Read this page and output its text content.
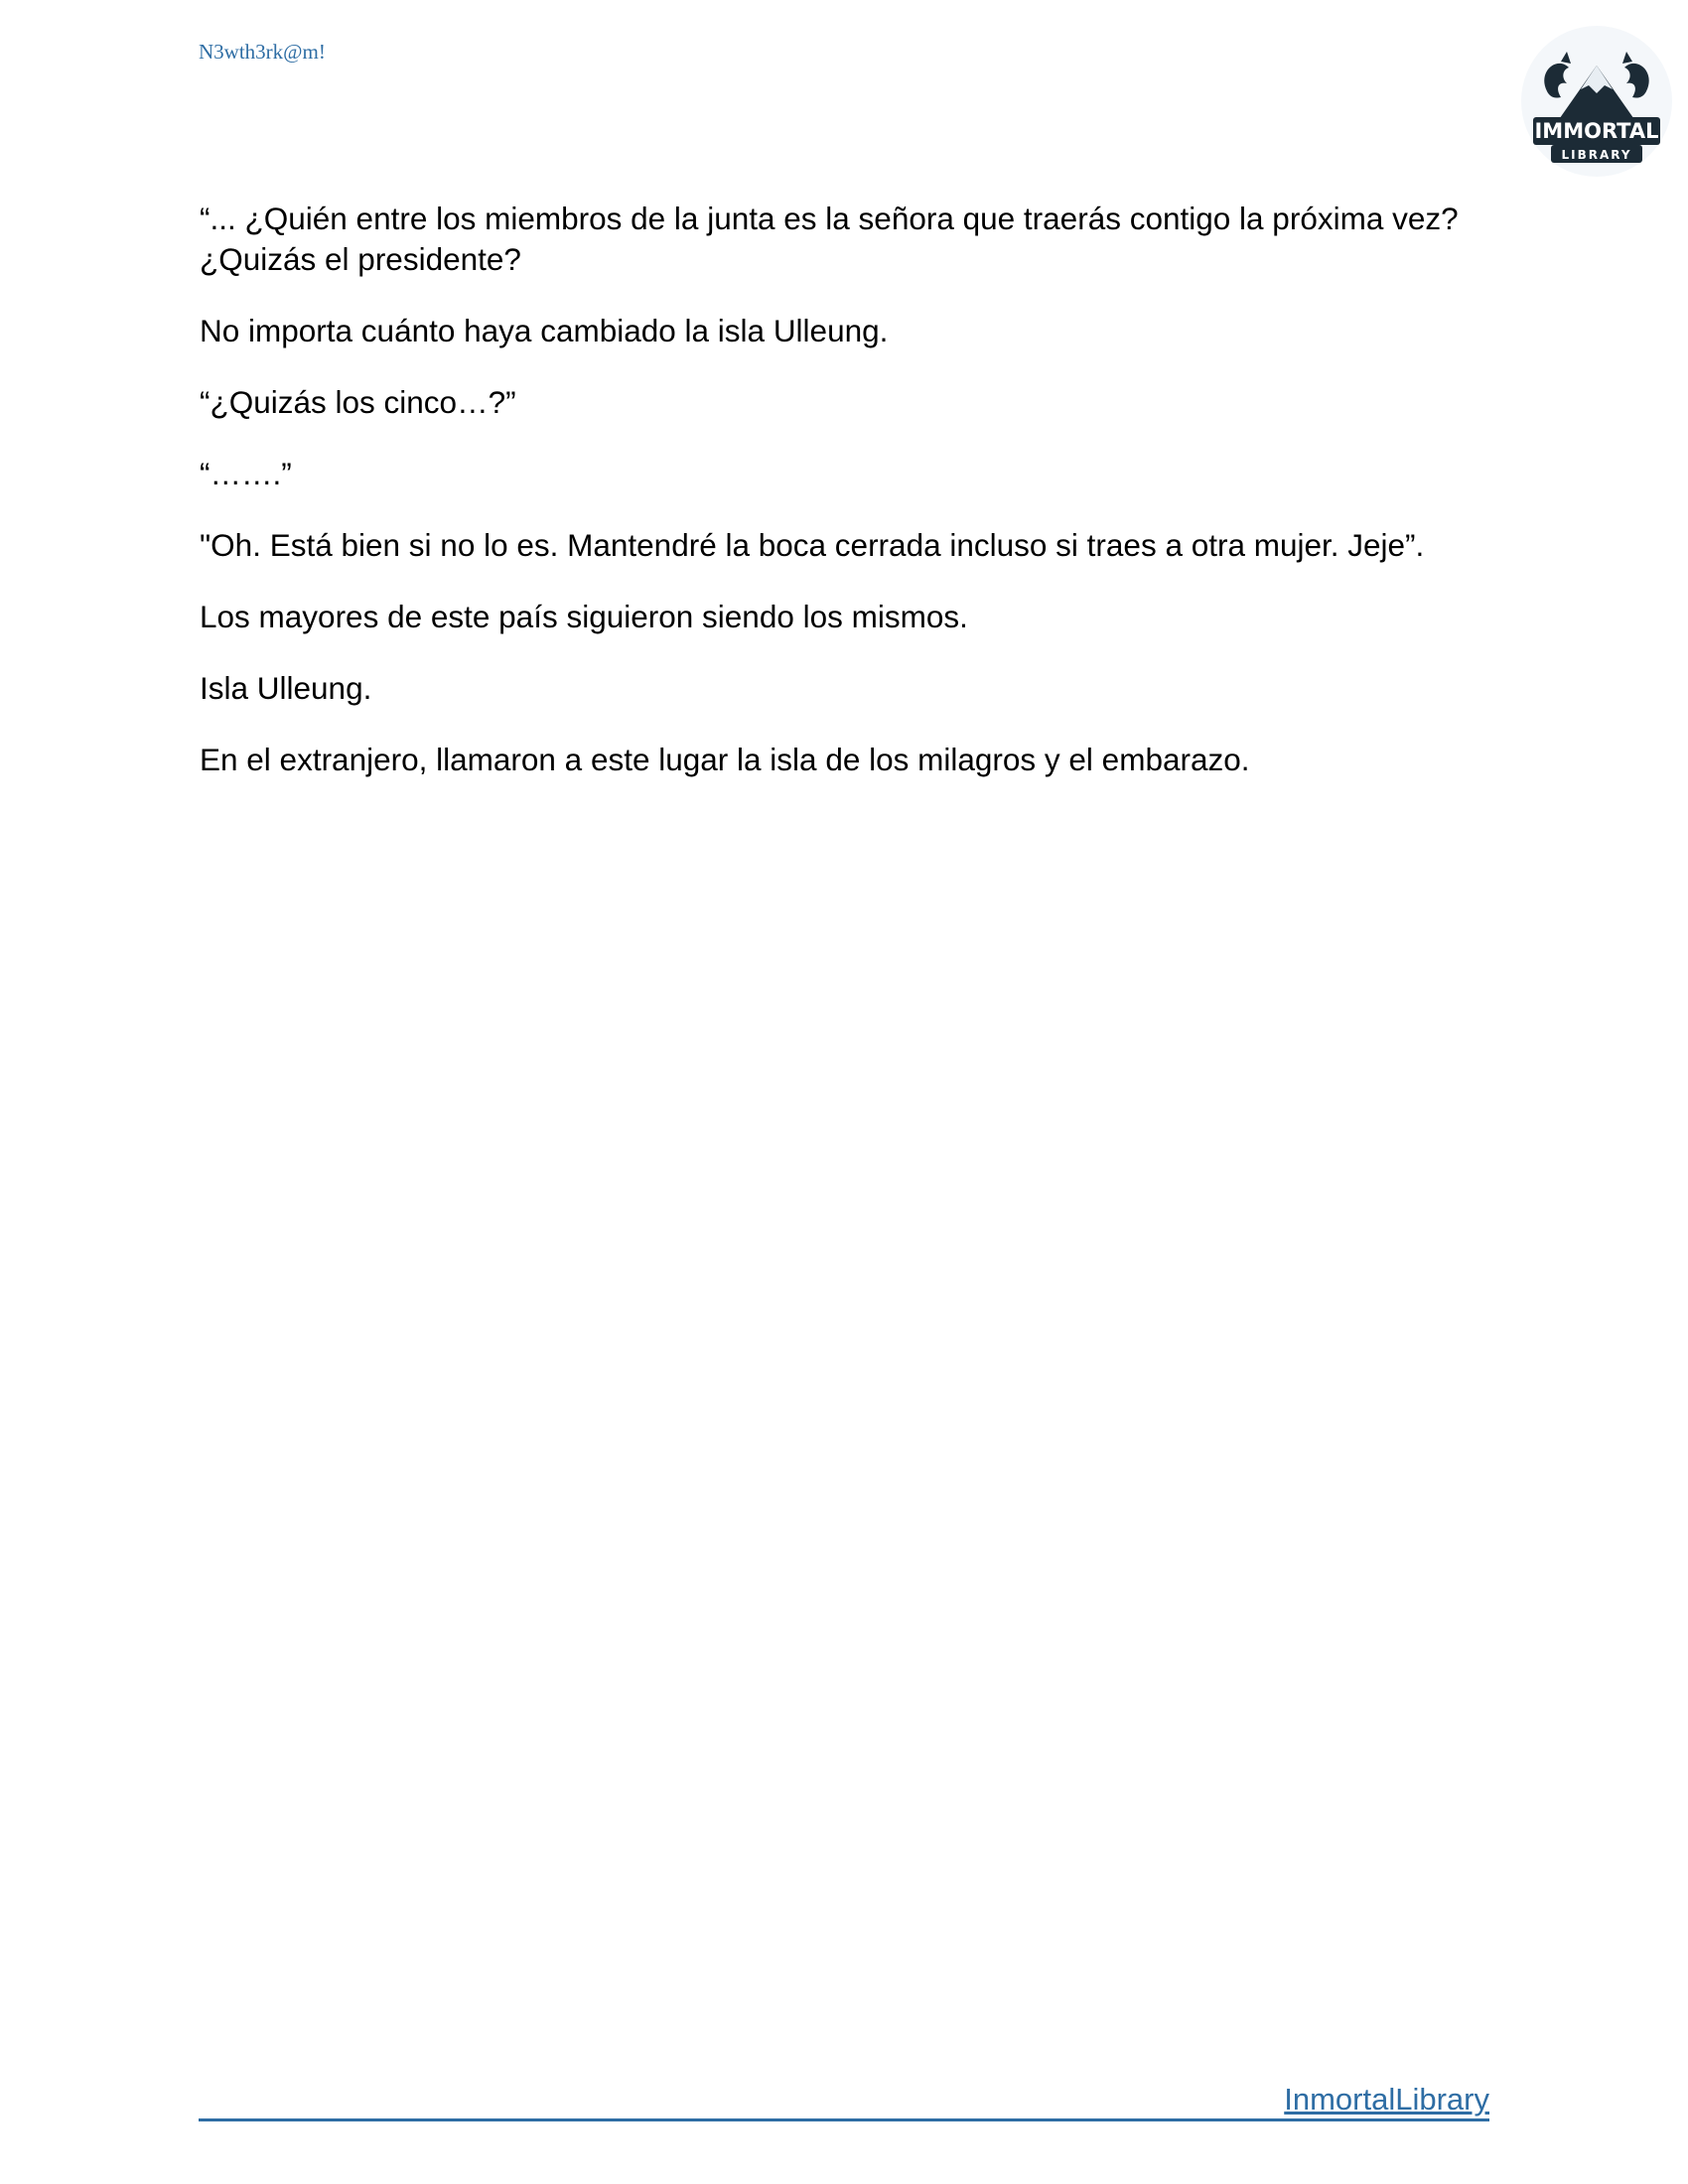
N3wth3rk@m!
IMMORTAL
LIBRARY

“... ¿Quién entre los miembros de la junta es la señora que traerás contigo la próxima vez? ¿Quizás el presidente?

No importa cuánto haya cambiado la isla Ulleung.

“¿Quizás los cinco…?”

“…….”

"Oh. Está bien si no lo es. Mantendré la boca cerrada incluso si traes a otra mujer. Jeje”.

Los mayores de este país siguieron siendo los mismos.

Isla Ulleung.

En el extranjero, llamaron a este lugar la isla de los milagros y el embarazo.

InmortalLibrary
